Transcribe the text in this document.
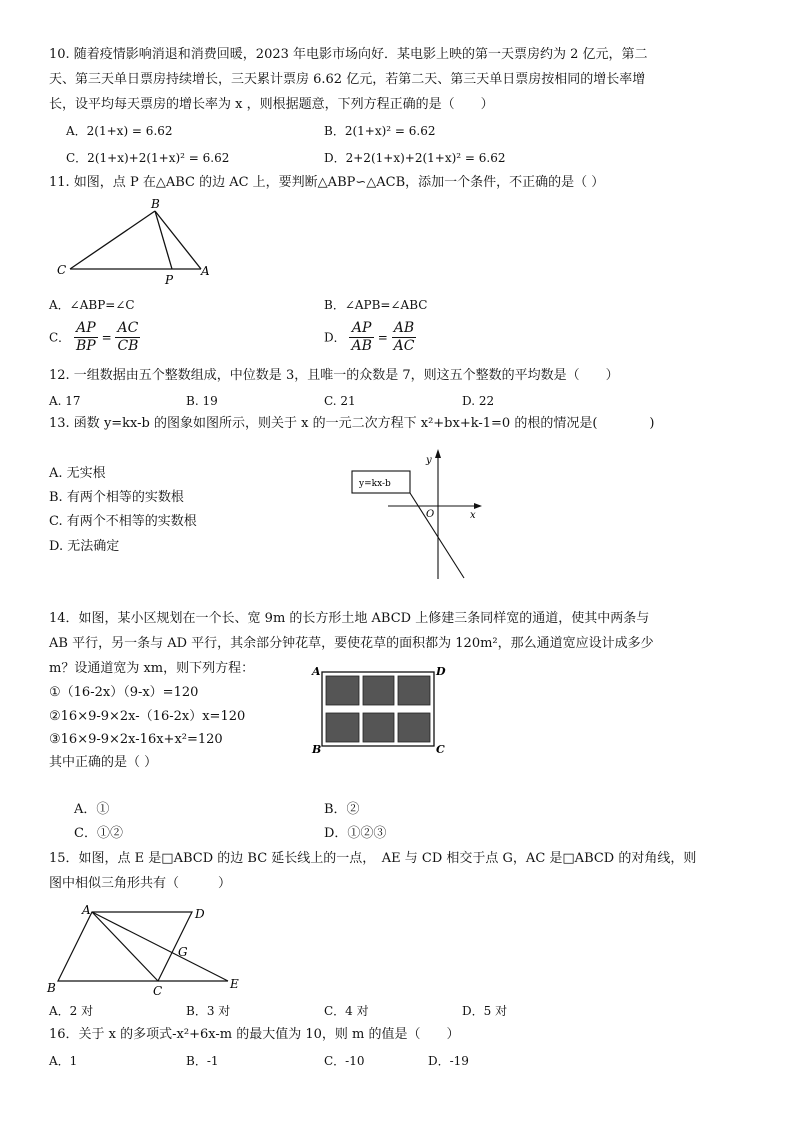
10. 随着疫情影响消退和消费回暖，2023 年电影市场向好．某电影上映的第一天票房约为 2 亿元，第二
天、第三天单日票房持续增长，三天累计票房 6.62 亿元，若第二天、第三天单日票房按相同的增长率增
长，设平均每天票房的增长率为 x ，则根据题意，下列方程正确的是（　　）
A．2(1+x) = 6.62	B．2(1+x)² = 6.62
C．2(1+x)+2(1+x)² = 6.62	D．2+2(1+x)+2(1+x)² = 6.62
11. 如图，点 P 在△ABC 的边 AC 上，要判断△ABP∽△ACB，添加一个条件，不正确的是（ ）
B
C
P
A
A．∠ABP=∠C	B．∠APB=∠ABC
C． $\frac{AP}{BP} = \frac{AC}{CB}$	D． $\frac{AP}{AB} = \frac{AB}{AC}$
12. 一组数据由五个整数组成，中位数是 3，且唯一的众数是 7，则这五个整数的平均数是（　　）
A. 17	B. 19	C. 21	D. 22
13. 函数 y=kx-b 的图象如图所示，则关于 x 的一元二次方程下 x²+bx+k-1=0 的根的情况是(　　　　)
A. 无实根
B. 有两个相等的实数根
C. 有两个不相等的实数根
D. 无法确定
y=kx-b
y
x
O
14．如图，某小区规划在一个长、宽 9m 的长方形土地 ABCD 上修建三条同样宽的通道，使其中两条与
AB 平行，另一条与 AD 平行，其余部分钟花草，要使花草的面积都为 120m²，那么通道宽应设计成多少
m？设通道宽为 xm，则下列方程：
①（16-2x）（9-x）=120
②16×9-9×2x-（16-2x）x=120
③16×9-9×2x-16x+x²=120
其中正确的是（ ）
A	D
B	C
A．①	B．②
C．①②	D．①②③
15．如图，点 E 是□ABCD 的边 BC 延长线上的一点，　AE 与 CD 相交于点 G，AC 是□ABCD 的对角线，则
图中相似三角形共有（　　　）
A	D
G
B	C	E
A．2 对	B．3 对	C．4 对	D．5 对
16．关于 x 的多项式-x²+6x-m 的最大值为 10，则 m 的值是（　　）
A．1	B．-1	C．-10	D．-19
